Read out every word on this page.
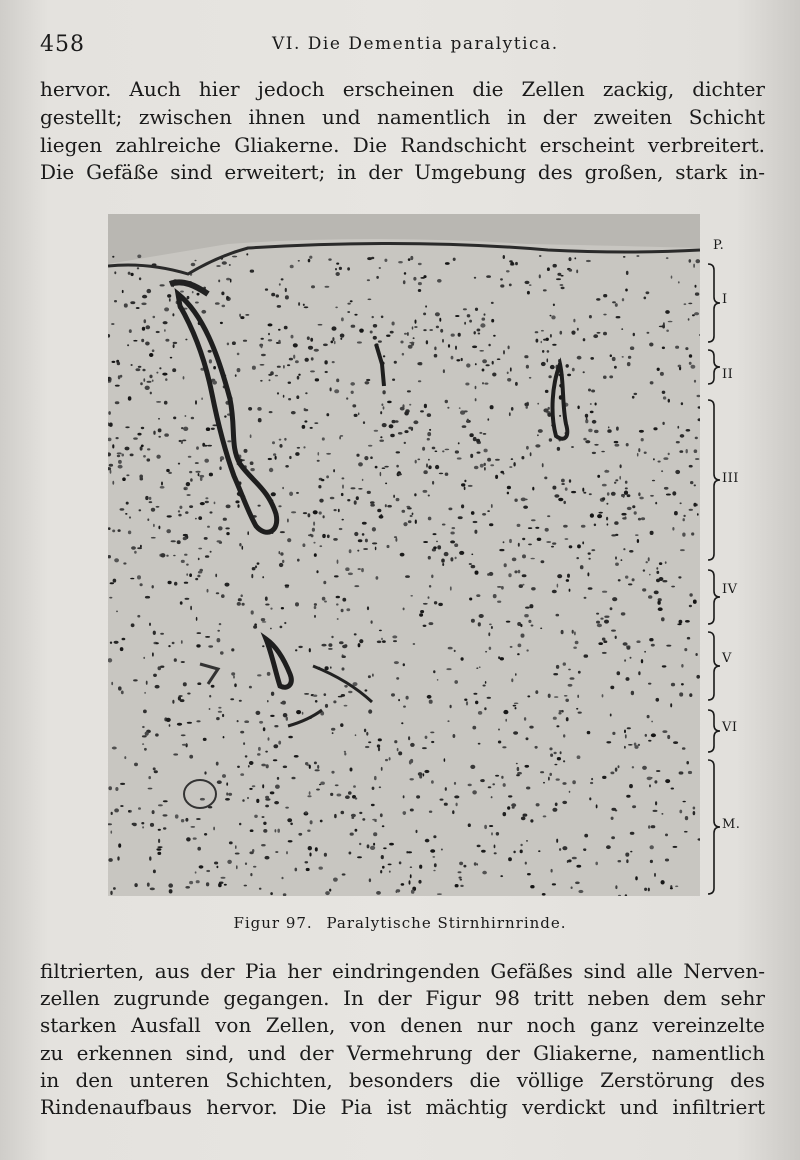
458	VI. Die Dementia paralytica.
hervor. Auch hier jedoch erscheinen die Zellen zackig, dichter
gestellt; zwischen ihnen und namentlich in der zweiten Schicht
liegen zahlreiche Gliakerne. Die Randschicht erscheint verbreitert.
Die Gefäße sind erweitert; in der Umgebung des großen, stark in-
P.
I
II
III
IV
V
VI
M.
Figur 97. Paralytische Stirnhirnrinde.
filtrierten, aus der Pia her eindringenden Gefäßes sind alle Nerven-
zellen zugrunde gegangen. In der Figur 98 tritt neben dem sehr
starken Ausfall von Zellen, von denen nur noch ganz vereinzelte
zu erkennen sind, und der Vermehrung der Gliakerne, namentlich
in den unteren Schichten, besonders die völlige Zerstörung des
Rindenaufbaus hervor. Die Pia ist mächtig verdickt und infiltriert
